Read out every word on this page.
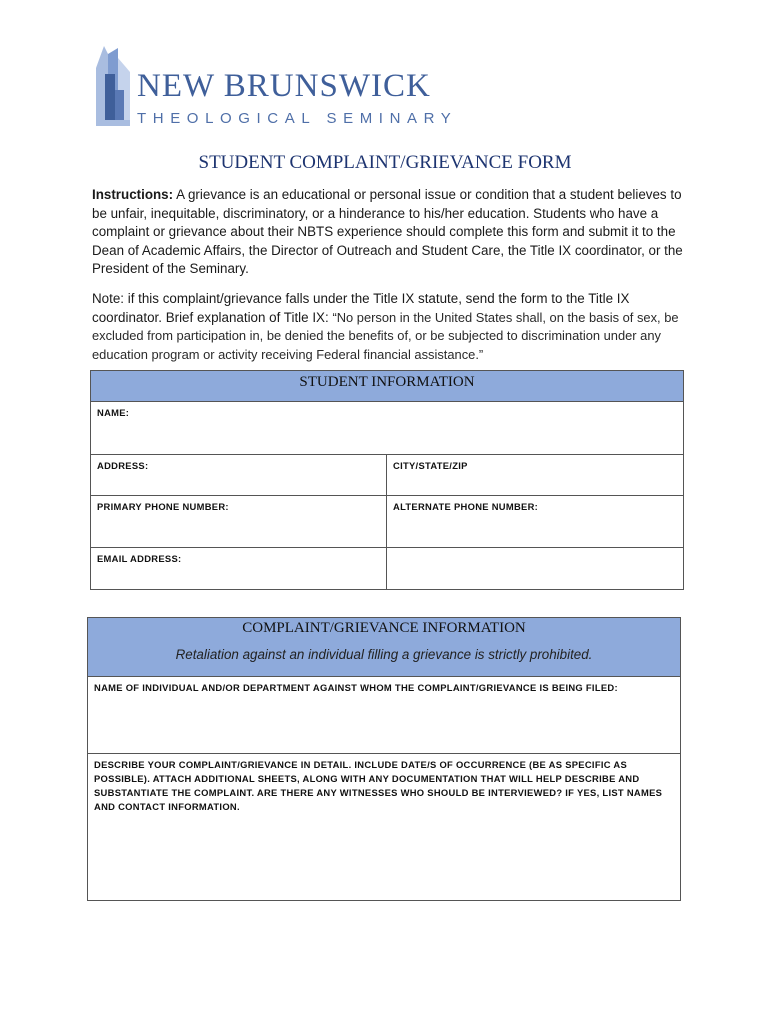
NEW BRUNSWICK
THEOLOGICAL SEMINARY
STUDENT COMPLAINT/GRIEVANCE FORM
Instructions: A grievance is an educational or personal issue or condition that a student believes to be unfair, inequitable, discriminatory, or a hinderance to his/her education. Students who have a complaint or grievance about their NBTS experience should complete this form and submit it to the Dean of Academic Affairs, the Director of Outreach and Student Care, the Title IX coordinator, or the President of the Seminary.
Note: if this complaint/grievance falls under the Title IX statute, send the form to the Title IX coordinator. Brief explanation of Title IX: “No person in the United States shall, on the basis of sex, be excluded from participation in, be denied the benefits of, or be subjected to discrimination under any education program or activity receiving Federal financial assistance.”
STUDENT INFORMATION	

NAME:	

ADDRESS:	CITY/STATE/ZIP

PRIMARY PHONE NUMBER:	ALTERNATE PHONE NUMBER:

EMAIL ADDRESS:	

COMPLAINT/GRIEVANCE INFORMATION
Retaliation against an individual filling a grievance is strictly prohibited.

NAME OF INDIVIDUAL AND/OR DEPARTMENT AGAINST WHOM THE COMPLAINT/GRIEVANCE IS BEING FILED:

DESCRIBE YOUR COMPLAINT/GRIEVANCE IN DETAIL. INCLUDE DATE/S OF OCCURRENCE (BE AS SPECIFIC AS POSSIBLE). ATTACH ADDITIONAL SHEETS, ALONG WITH ANY DOCUMENTATION THAT WILL HELP DESCRIBE AND SUBSTANTIATE THE COMPLAINT. ARE THERE ANY WITNESSES WHO SHOULD BE INTERVIEWED? IF YES, LIST NAMES AND CONTACT INFORMATION.
